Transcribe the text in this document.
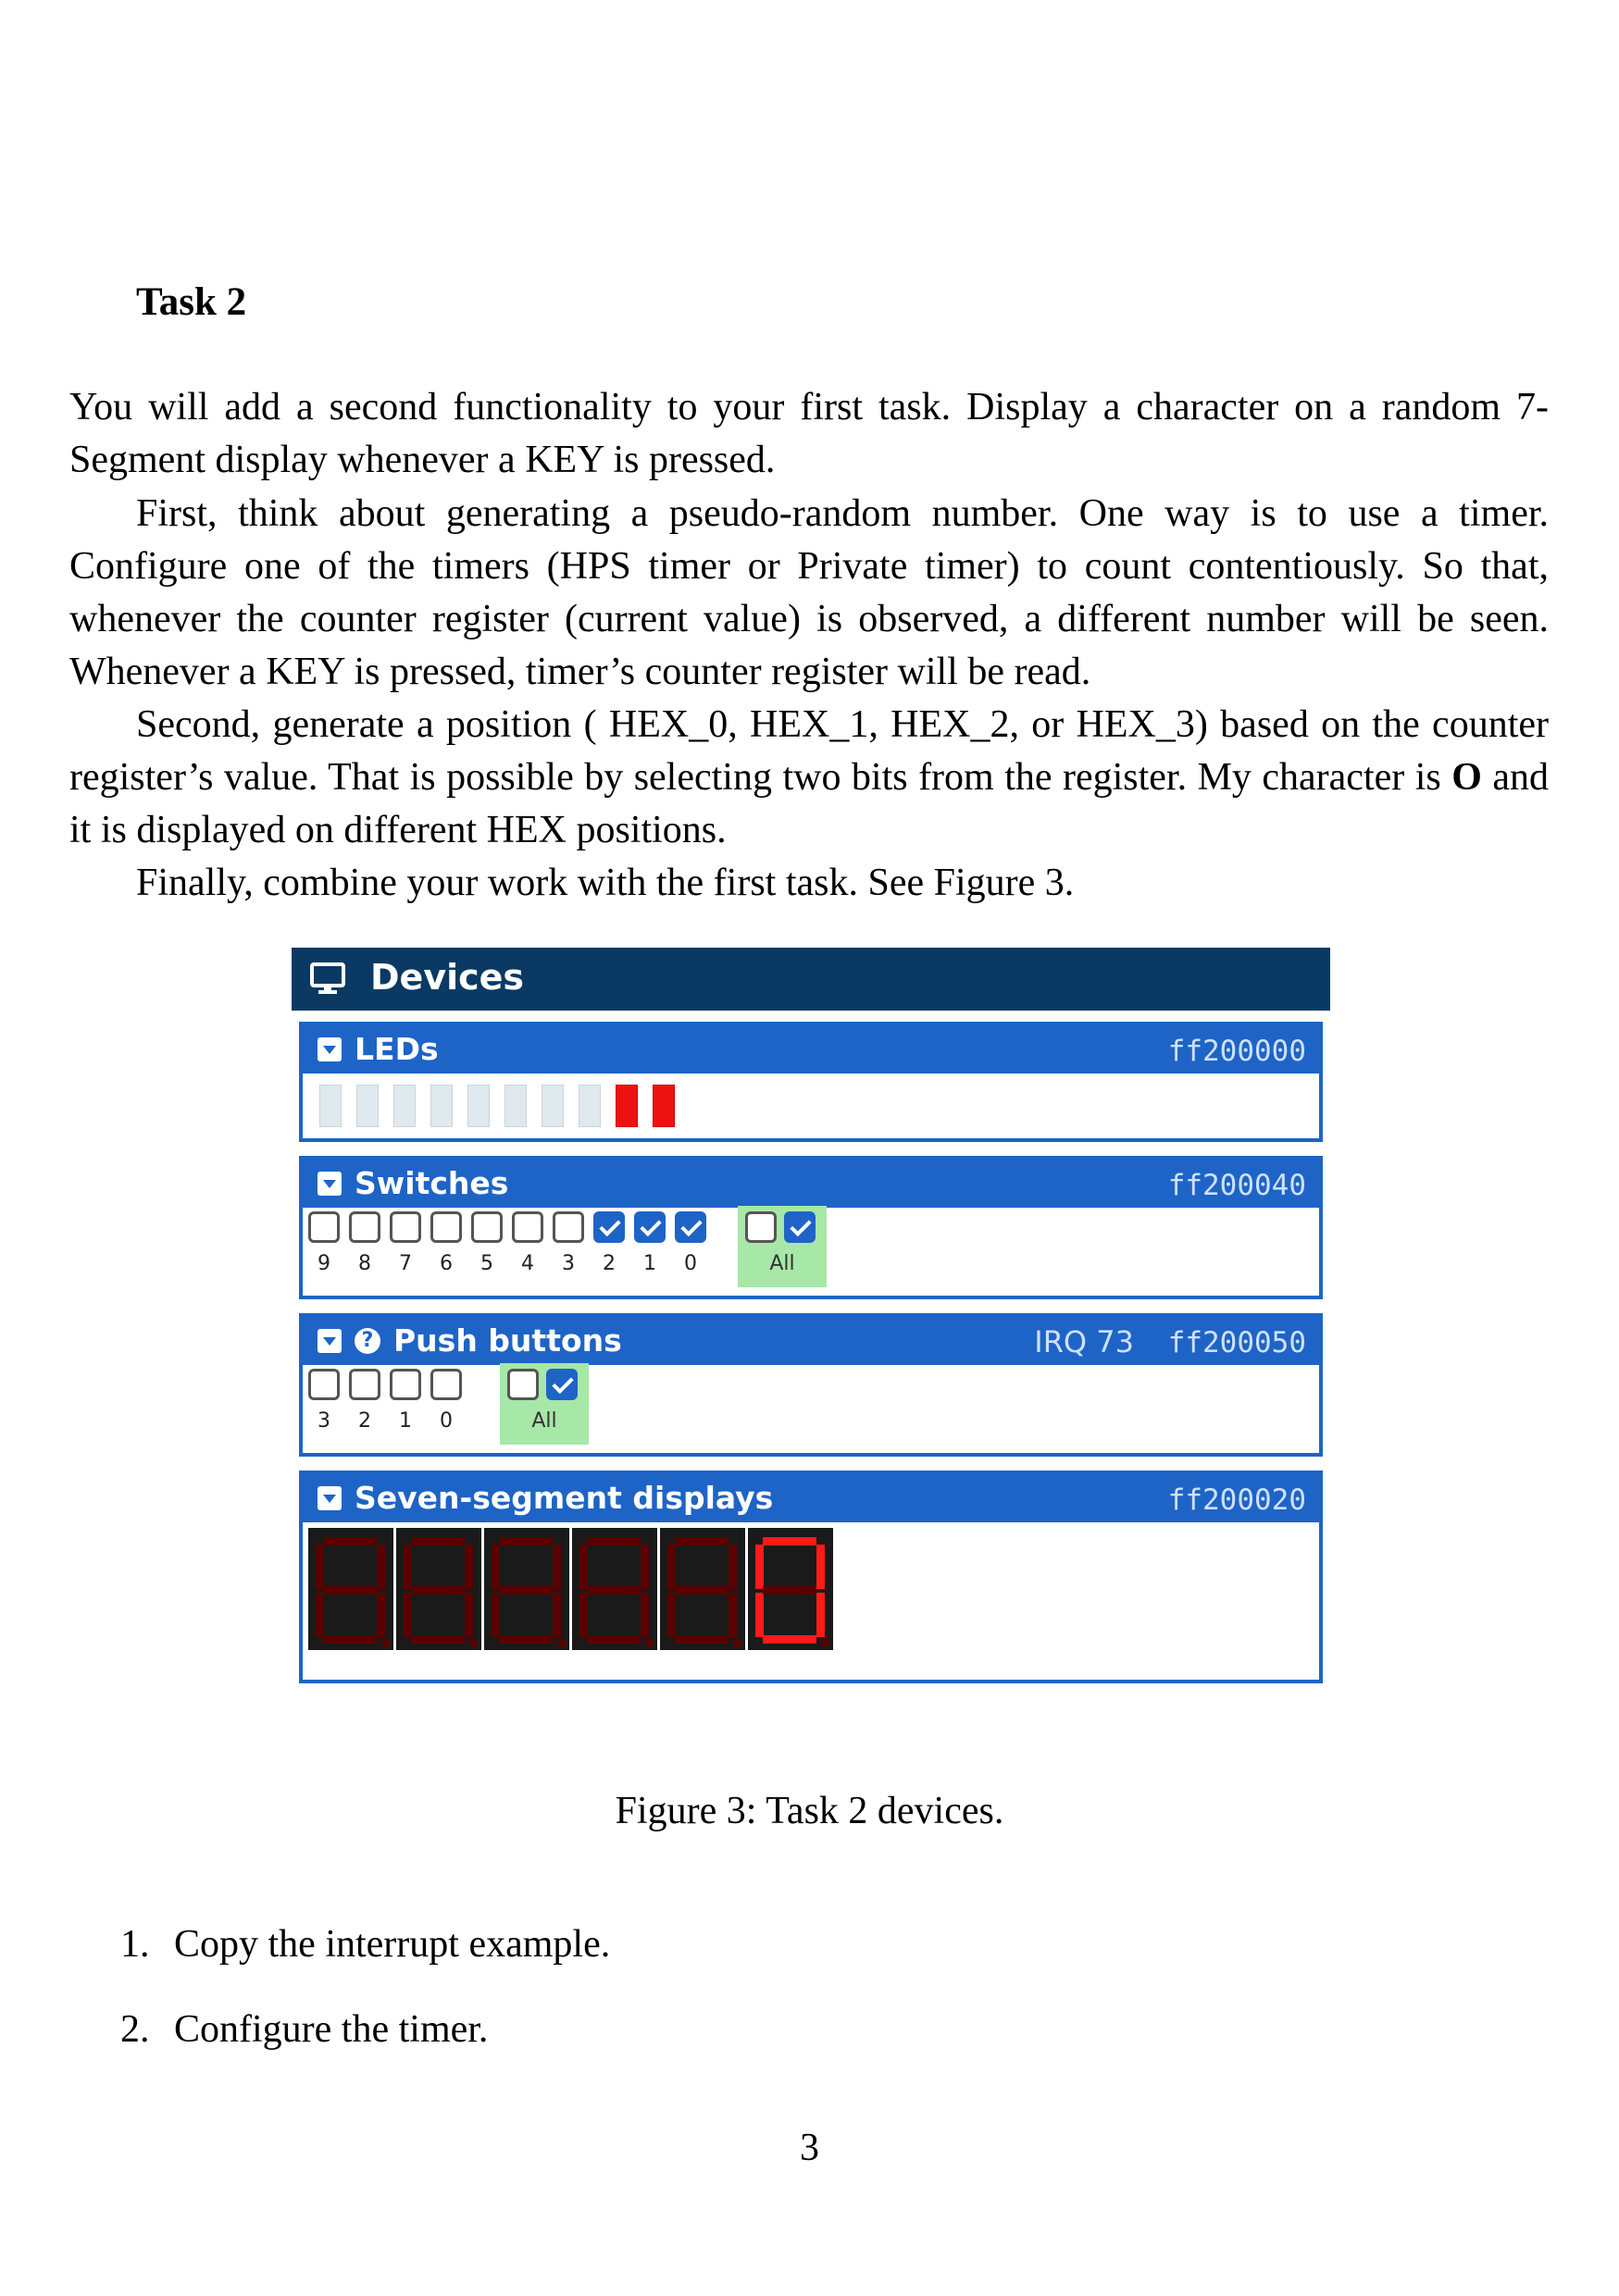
Task 2

You will add a second functionality to your first task. Display a character on a random 7-Segment display whenever a KEY is pressed.

First, think about generating a pseudo-random number. One way is to use a timer. Configure one of the timers (HPS timer or Private timer) to count contentiously. So that, whenever the counter register (current value) is observed, a different number will be seen. Whenever a KEY is pressed, timer’s counter register will be read.

Second, generate a position ( HEX_0, HEX_1, HEX_2, or HEX_3) based on the counter register’s value. That is possible by selecting two bits from the register. My character is O and it is displayed on different HEX positions.

Finally, combine your work with the first task. See Figure 3.

Devices
LEDs	ff200000
Switches	ff200040
9	8	7	6	5	4	3	2	1	0	All
? Push buttons	IRQ 73 ff200050
3	2	1	0	All
Seven-segment displays	ff200020
Figure 3: Task 2 devices.
1. Copy the interrupt example.
2. Configure the timer.
3
